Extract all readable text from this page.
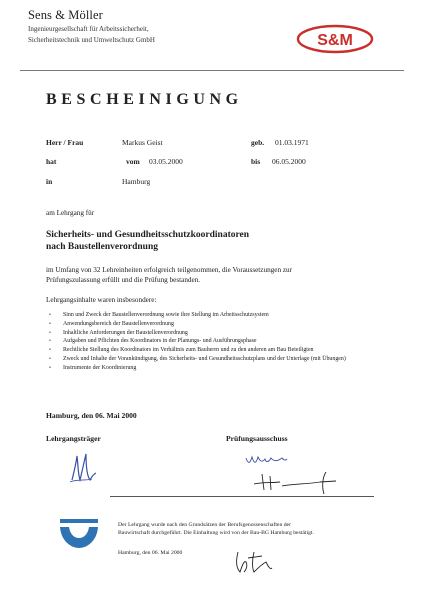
Sens & Möller
Ingenieurgesellschaft für Arbeitssicherheit,
Sicherheitstechnik und Umweltschutz GmbH	S&M
BESCHEINIGUNG
Herr / Frau	Markus Geist	geb. 01.03.1971
hat	vom 03.05.2000	bis 06.05.2000
in	Hamburg
am Lehrgang für
Sicherheits- und Gesundheitsschutzkoordinatoren
nach Baustellenverordnung
im Umfang von 32 Lehreinheiten erfolgreich teilgenommen, die Voraussetzungen zur
Prüfungszulassung erfüllt und die Prüfung bestanden.
Lehrgangsinhalte waren insbesondere:
• Sinn und Zweck der Baustellenverordnung sowie ihre Stellung im Arbeitsschutzsystem
• Anwendungsbereich der Baustellenverordnung
• Inhaltliche Anforderungen der Baustellenverordnung
• Aufgaben und Pflichten des Koordinators in der Planungs- und Ausführungsphase
• Rechtliche Stellung des Koordinators im Verhältnis zum Bauherrn und zu den anderen am Bau Beteiligten
• Zweck und Inhalte der Vorankündigung, des Sicherheits- und Gesundheitsschutzplans und der Unterlage (mit Übungen)
• Instrumente der Koordinierung
Hamburg, den 06. Mai 2000
Lehrgangsträger	Prüfungsausschuss
Der Lehrgang wurde nach den Grundsätzen der Berufsgenossenschaften der
Bauwirtschaft durchgeführt. Die Einhaltung wird von der Bau-BG Hamburg bestätigt.
Hamburg, den 06. Mai 2000
